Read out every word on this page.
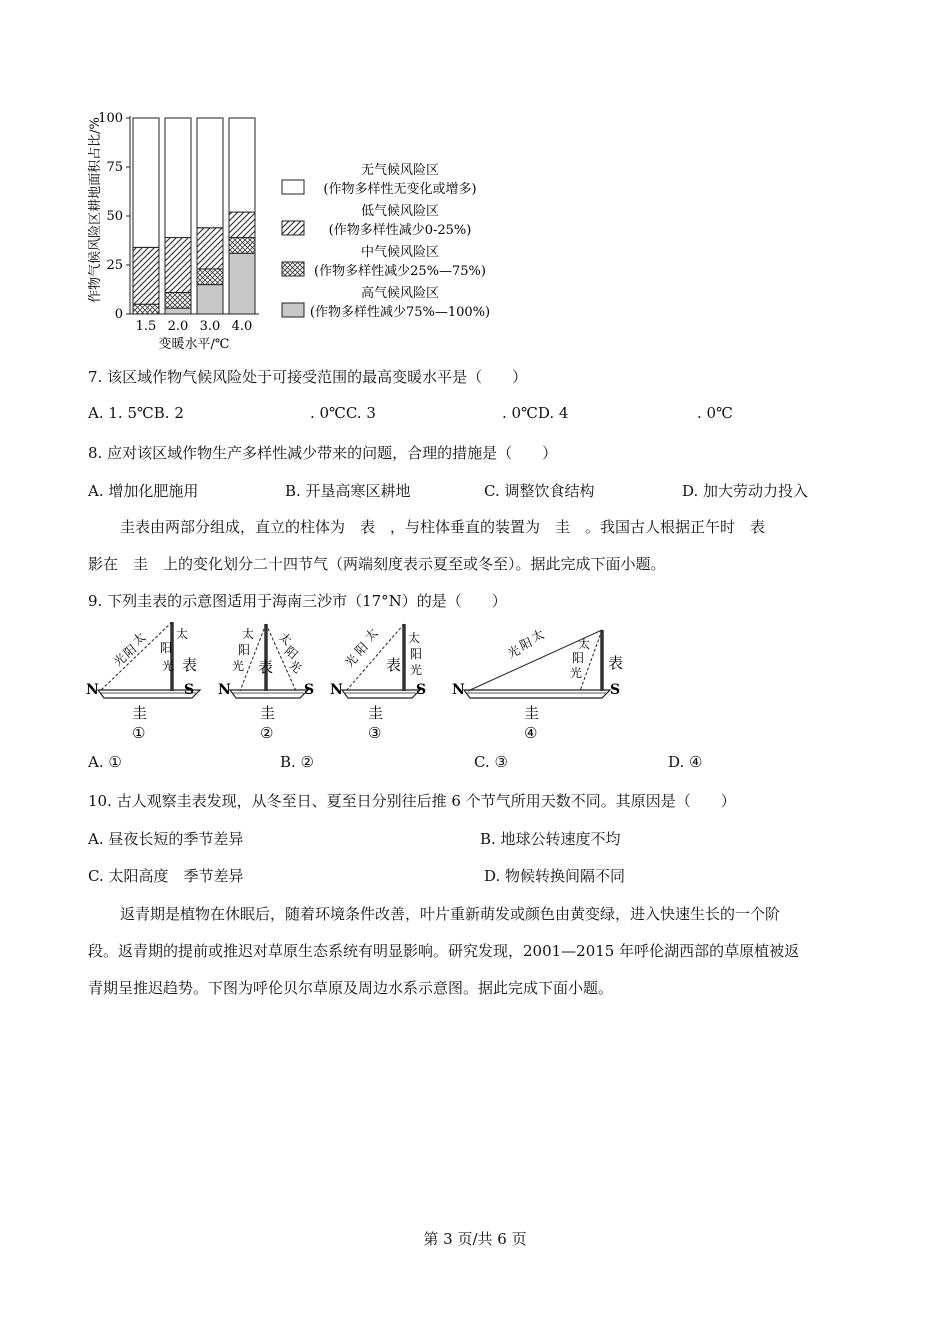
0
25
50
75
100
1.5 2.0 3.0 4.0
无气候风险区
(作物多样性无变化或增多)
低气候风险区
(作物多样性减少0-25%)
中气候风险区
(作物多样性减少25%—75%)
高气候风险区
(作物多样性减少75%—100%)
作物气候风险区耕地面积占比/%
变暖水平/℃
7. 该区域作物气候风险处于可接受范围的最高变暖水平是（　　）
A. 1. 5℃B. 2	. 0℃C. 3	. 0℃D. 4	. 0℃
8. 应对该区域作物生产多样性减少带来的问题，合理的措施是（　　）
A. 增加化肥施用	B. 开垦高寒区耕地	C. 调整饮食结构	D. 加大劳动力投入
圭表由两部分组成，直立的柱体为　表　，与柱体垂直的装置为　圭　。我国古人根据正午时　表
影在　圭　上的变化划分二十四节气（两端刻度表示夏至或冬至）。据此完成下面小题。
9. 下列圭表的示意图适用于海南三沙市（17°N）的是（　　）
N	S
表
太
阳
光
太
阳
光
圭
①
N	S
表
太
阳
光
太
阳
光
圭
②
N	S
表
太
阳
光
太
阳
光
圭
③
N	S
表
太
阳
光	太
阳
光
圭
④
A. ①	B. ②	C. ③	D. ④
10. 古人观察圭表发现，从冬至日、夏至日分别往后推 6 个节气所用天数不同。其原因是（　　）
A. 昼夜长短的季节差异	B. 地球公转速度不均
C. 太阳高度　季节差异	D. 物候转换间隔不同
返青期是植物在休眠后，随着环境条件改善，叶片重新萌发或颜色由黄变绿，进入快速生长的一个阶
段。返青期的提前或推迟对草原生态系统有明显影响。研究发现，2001—2015 年呼伦湖西部的草原植被返
青期呈推迟趋势。下图为呼伦贝尔草原及周边水系示意图。据此完成下面小题。
第 3 页/共 6 页
